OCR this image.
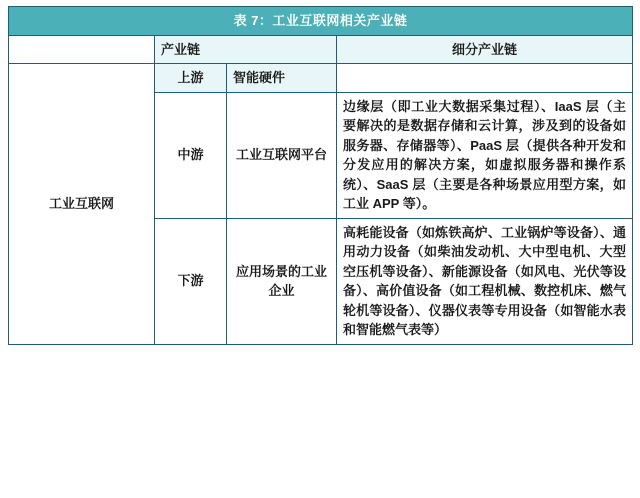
表 7：工业互联网相关产业链			
	产业链		细分产业链
工业互联网	上游	智能硬件	
	中游	工业互联网平台	边缘层（即工业大数据采集过程）、IaaS 层（主要解决的是数据存储和云计算，涉及到的设备如服务器、存储器等）、PaaS 层（提供各种开发和分发应用的解决方案，如虚拟服务器和操作系统）、SaaS 层（主要是各种场景应用型方案，如工业 APP 等）。
	下游	应用场景的工业企业	高耗能设备（如炼铁高炉、工业锅炉等设备）、通用动力设备（如柴油发动机、大中型电机、大型空压机等设备）、新能源设备（如风电、光伏等设备）、高价值设备（如工程机械、数控机床、燃气轮机等设备）、仪器仪表等专用设备（如智能水表和智能燃气表等）
